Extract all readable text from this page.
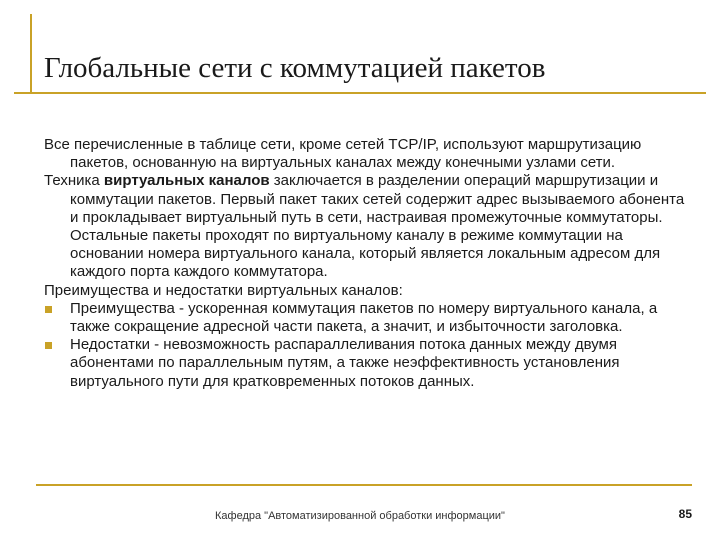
Глобальные сети с коммутацией пакетов

Все перечисленные в таблице сети, кроме сетей TCP/IP, используют маршрутизацию пакетов, основанную на виртуальных каналах между конечными узлами сети.

Техника виртуальных каналов заключается в разделении операций маршрутизации и коммутации пакетов. Первый пакет таких сетей содержит адрес вызываемого абонента и прокладывает виртуальный путь в сети, настраивая промежуточные коммутаторы. Остальные пакеты проходят по виртуальному каналу в режиме коммутации на основании номера виртуального канала, который является локальным адресом для каждого порта каждого коммутатора.

Преимущества и недостатки виртуальных каналов:

Преимущества - ускоренная коммутация пакетов по номеру виртуального канала, а также сокращение адресной части пакета, а значит, и избыточности заголовка.
Недостатки - невозможность распараллеливания потока данных между двумя абонентами по параллельным путям, а также неэффективность установления виртуального пути для кратковременных потоков данных.
Кафедра "Автоматизированной обработки информации"	85
